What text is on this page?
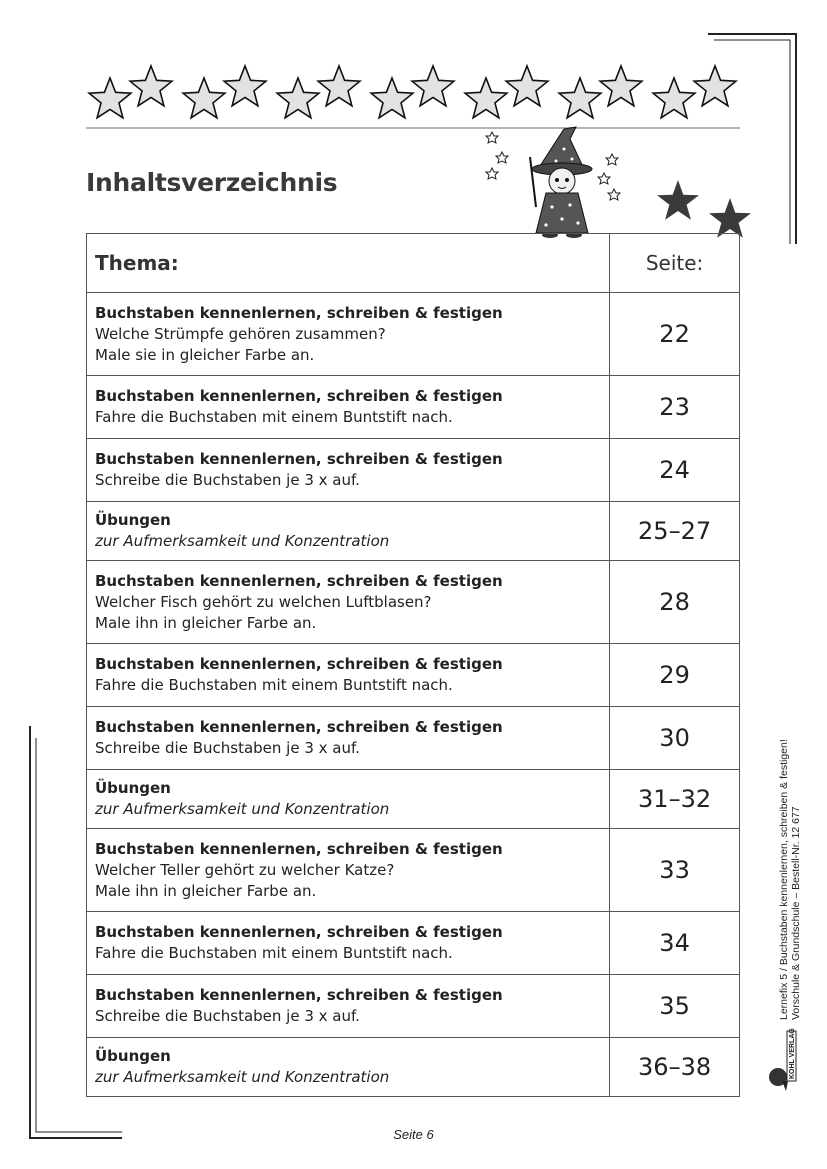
Inhaltsverzeichnis
Thema:	Seite:

Buchstaben kennenlernen, schreiben & festigen
Welche Strümpfe gehören zusammen?
Male sie in gleicher Farbe an.	22

Buchstaben kennenlernen, schreiben & festigen
Fahre die Buchstaben mit einem Buntstift nach.	23

Buchstaben kennenlernen, schreiben & festigen
Schreibe die Buchstaben je 3 x auf.	24

Übungen
zur Aufmerksamkeit und Konzentration	25–27

Buchstaben kennenlernen, schreiben & festigen
Welcher Fisch gehört zu welchen Luftblasen?
Male ihn in gleicher Farbe an.	28

Buchstaben kennenlernen, schreiben & festigen
Fahre die Buchstaben mit einem Buntstift nach.	29

Buchstaben kennenlernen, schreiben & festigen
Schreibe die Buchstaben je 3 x auf.	30

Übungen
zur Aufmerksamkeit und Konzentration	31–32

Buchstaben kennenlernen, schreiben & festigen
Welcher Teller gehört zu welcher Katze?
Male ihn in gleicher Farbe an.	33

Buchstaben kennenlernen, schreiben & festigen
Fahre die Buchstaben mit einem Buntstift nach.	34

Buchstaben kennenlernen, schreiben & festigen
Schreibe die Buchstaben je 3 x auf.	35

Übungen
zur Aufmerksamkeit und Konzentration	36–38
Lernefix 5 / Buchstaben kennenlernen, schreiben & festigen! Vorschule & Grundschule – Bestell-Nr. 12 677
KOHL VERLAG
Seite 6
